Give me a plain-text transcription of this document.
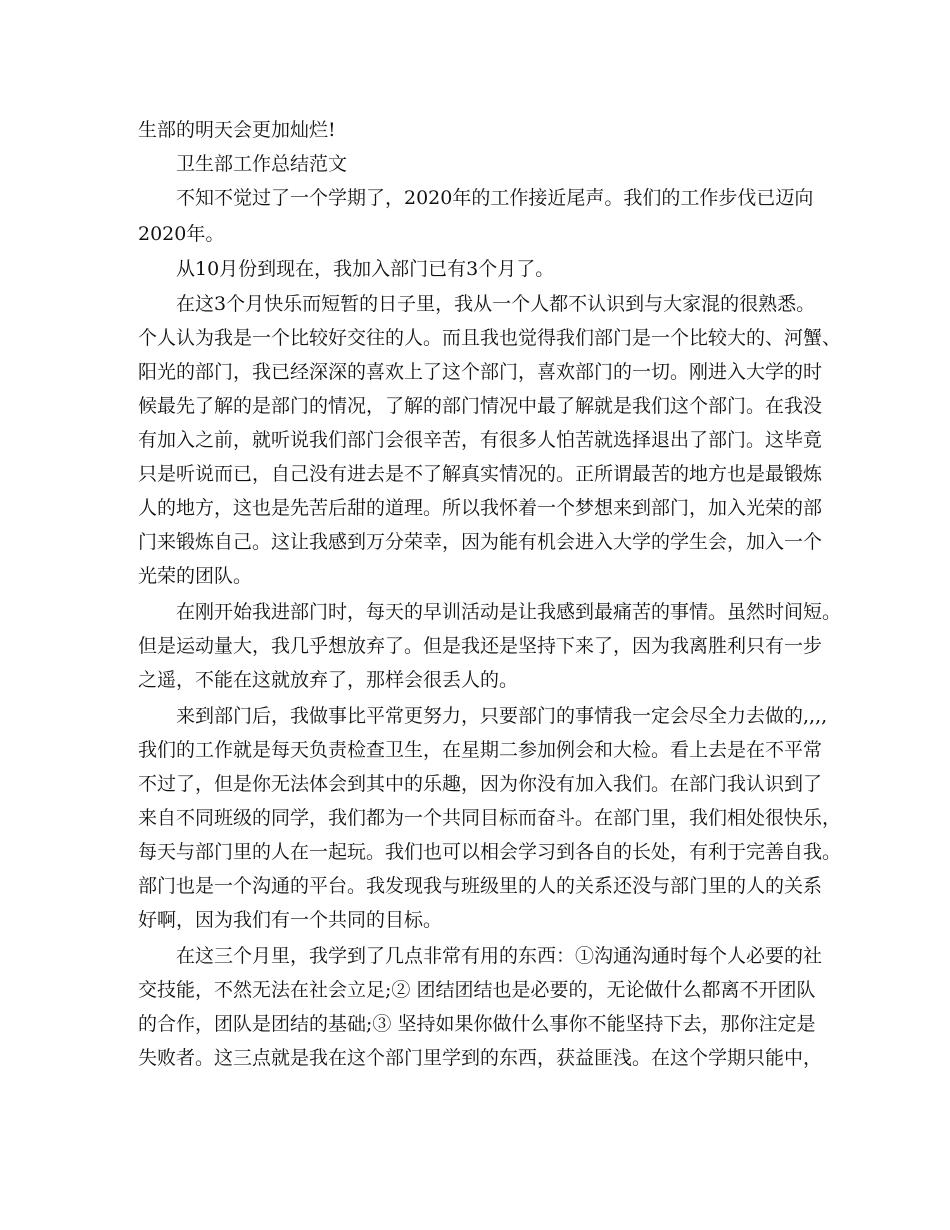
生部的明天会更加灿烂!
卫生部工作总结范文
不知不觉过了一个学期了，2020年的工作接近尾声。我们的工作步伐已迈向
2020年。
从10月份到现在，我加入部门已有3个月了。
在这3个月快乐而短暂的日子里，我从一个人都不认识到与大家混的很熟悉。
个人认为我是一个比较好交往的人。而且我也觉得我们部门是一个比较大的、河蟹、
阳光的部门，我已经深深的喜欢上了这个部门，喜欢部门的一切。刚进入大学的时
候最先了解的是部门的情况，了解的部门情况中最了解就是我们这个部门。在我没
有加入之前，就听说我们部门会很辛苦，有很多人怕苦就选择退出了部门。这毕竟
只是听说而已，自己没有进去是不了解真实情况的。正所谓最苦的地方也是最锻炼
人的地方，这也是先苦后甜的道理。所以我怀着一个梦想来到部门，加入光荣的部
门来锻炼自己。这让我感到万分荣幸，因为能有机会进入大学的学生会，加入一个
光荣的团队。
在刚开始我进部门时，每天的早训活动是让我感到最痛苦的事情。虽然时间短。
但是运动量大，我几乎想放弃了。但是我还是坚持下来了，因为我离胜利只有一步
之遥，不能在这就放弃了，那样会很丢人的。
来到部门后，我做事比平常更努力，只要部门的事情我一定会尽全力去做的,,,,
我们的工作就是每天负责检查卫生，在星期二参加例会和大检。看上去是在不平常
不过了，但是你无法体会到其中的乐趣，因为你没有加入我们。在部门我认识到了
来自不同班级的同学，我们都为一个共同目标而奋斗。在部门里，我们相处很快乐，
每天与部门里的人在一起玩。我们也可以相会学习到各自的长处，有利于完善自我。
部门也是一个沟通的平台。我发现我与班级里的人的关系还没与部门里的人的关系
好啊，因为我们有一个共同的目标。
在这三个月里，我学到了几点非常有用的东西：①沟通沟通时每个人必要的社
交技能，不然无法在社会立足;② 团结团结也是必要的，无论做什么都离不开团队
的合作，团队是团结的基础;③ 坚持如果你做什么事你不能坚持下去，那你注定是
失败者。这三点就是我在这个部门里学到的东西，获益匪浅。在这个学期只能中，
